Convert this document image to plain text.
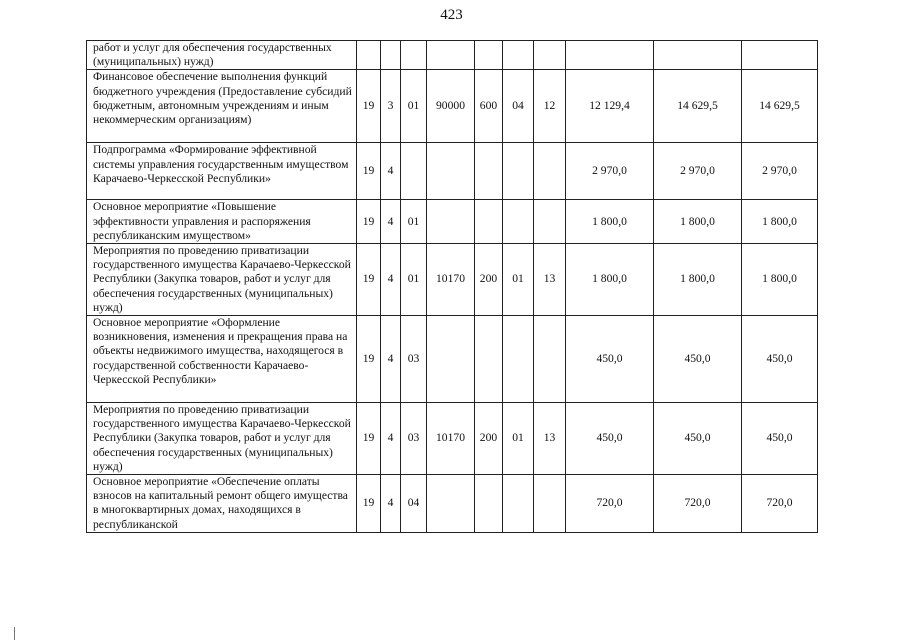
423
работ и услуг для обеспечения государственных (муниципальных) нужд)										
Финансовое обеспечение выполнения функций бюджетного учреждения (Предоставление субсидий бюджетным, автономным учреждениям и иным некоммерческим организациям)	19	3	01	90000	600	04	12	12 129,4	14 629,5	14 629,5
Подпрограмма «Формирование эффективной системы управления государственным имуществом Карачаево-Черкесской Республики»	19	4						2 970,0	2 970,0	2 970,0
Основное мероприятие «Повышение эффективности управления и распоряжения республиканским имуществом»	19	4	01					1 800,0	1 800,0	1 800,0
Мероприятия по проведению приватизации государственного имущества Карачаево-Черкесской Республики (Закупка товаров, работ и услуг для обеспечения государственных (муниципальных) нужд)	19	4	01	10170	200	01	13	1 800,0	1 800,0	1 800,0
Основное мероприятие «Оформление возникновения, изменения и прекращения права на объекты недвижимого имущества, находящегося в государственной собственности Карачаево-Черкесской Республики»	19	4	03					450,0	450,0	450,0
Мероприятия по проведению приватизации государственного имущества Карачаево-Черкесской Республики (Закупка товаров, работ и услуг для обеспечения государственных (муниципальных) нужд)	19	4	03	10170	200	01	13	450,0	450,0	450,0
Основное мероприятие «Обеспечение оплаты взносов на капитальный ремонт общего имущества в многоквартирных домах, находящихся в республиканской	19	4	04					720,0	720,0	720,0
